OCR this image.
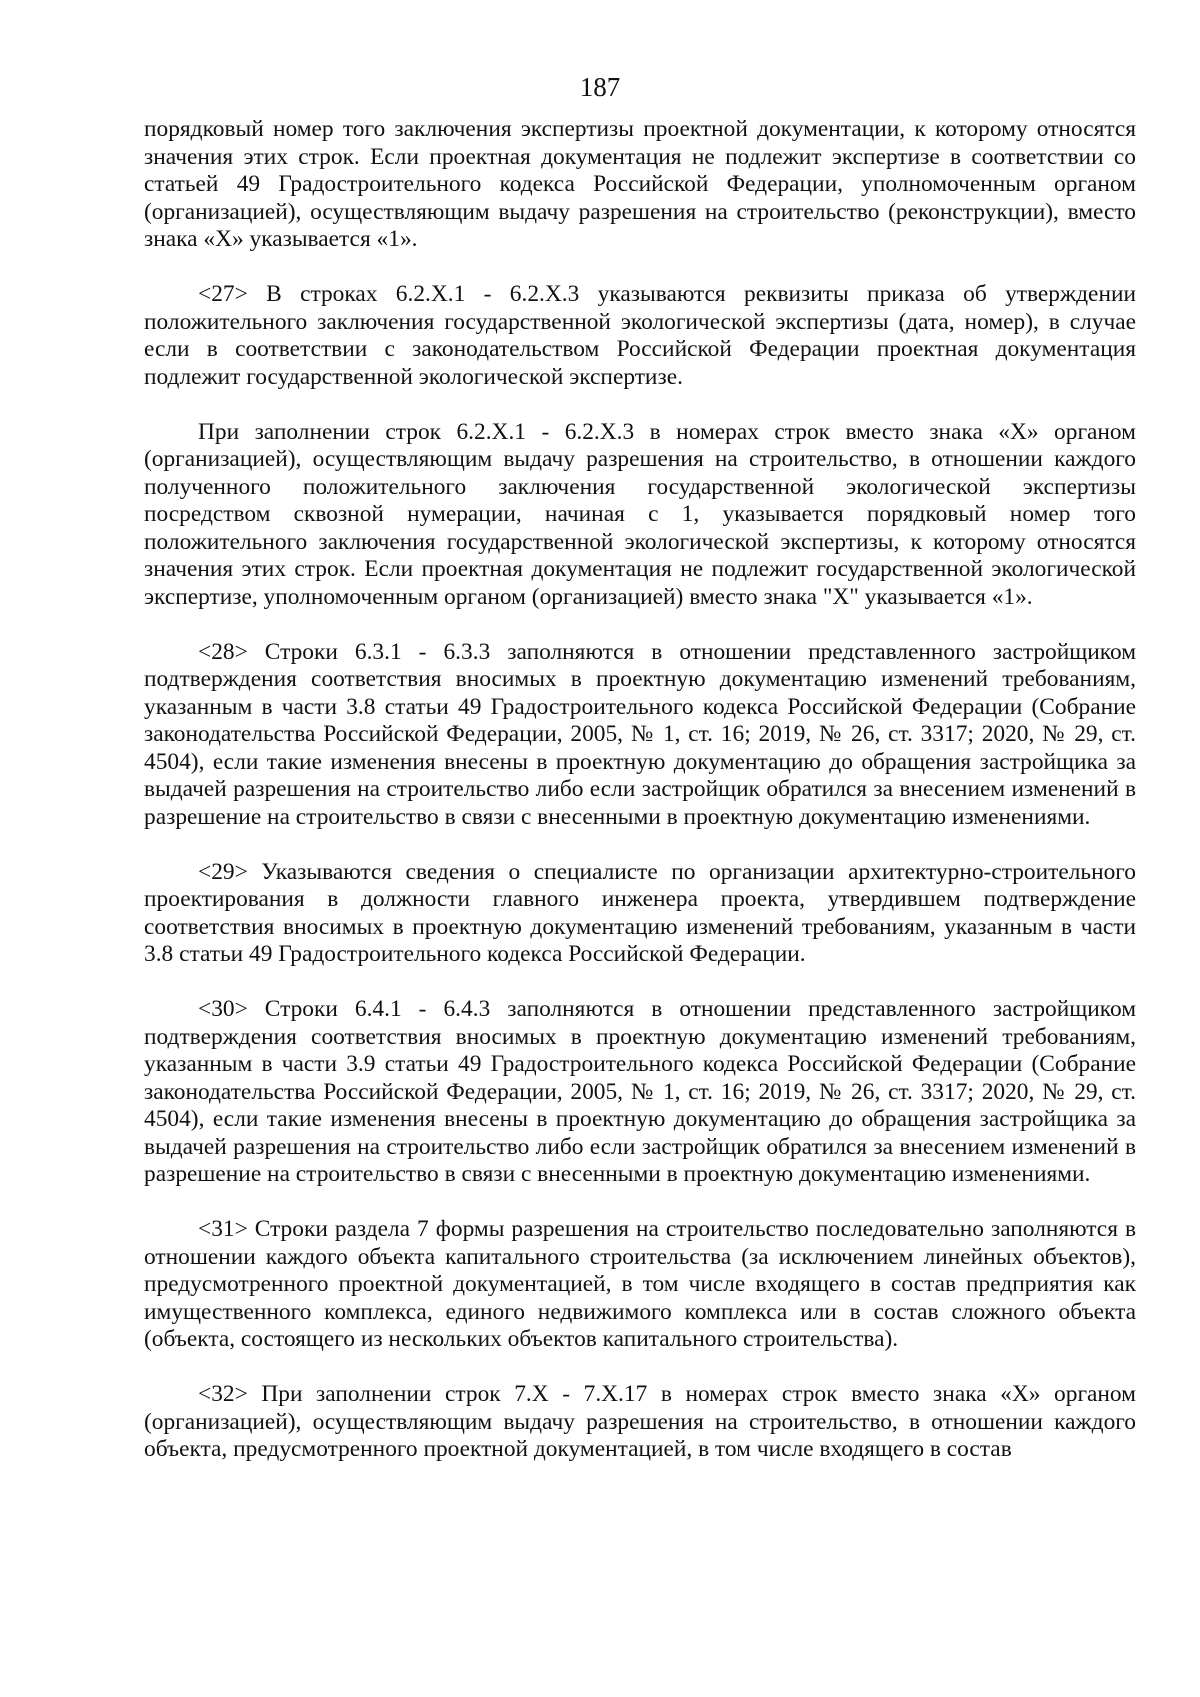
187

порядковый номер того заключения экспертизы проектной документации, к которому относятся значения этих строк. Если проектная документация не подлежит экспертизе в соответствии со статьей 49 Градостроительного кодекса Российской Федерации, уполномоченным органом (организацией), осуществляющим выдачу разрешения на строительство (реконструкции), вместо знака «Х» указывается «1».

<27> В строках 6.2.Х.1 - 6.2.Х.3 указываются реквизиты приказа об утверждении положительного заключения государственной экологической экспертизы (дата, номер), в случае если в соответствии с законодательством Российской Федерации проектная документация подлежит государственной экологической экспертизе.

При заполнении строк 6.2.Х.1 - 6.2.Х.3 в номерах строк вместо знака «Х» органом (организацией), осуществляющим выдачу разрешения на строительство, в отношении каждого полученного положительного заключения государственной экологической экспертизы посредством сквозной нумерации, начиная с 1, указывается порядковый номер того положительного заключения государственной экологической экспертизы, к которому относятся значения этих строк. Если проектная документация не подлежит государственной экологической экспертизе, уполномоченным органом (организацией) вместо знака "Х" указывается «1».

<28> Строки 6.3.1 - 6.3.3 заполняются в отношении представленного застройщиком подтверждения соответствия вносимых в проектную документацию изменений требованиям, указанным в части 3.8 статьи 49 Градостроительного кодекса Российской Федерации (Собрание законодательства Российской Федерации, 2005, № 1, ст. 16; 2019, № 26, ст. 3317; 2020, № 29, ст. 4504), если такие изменения внесены в проектную документацию до обращения застройщика за выдачей разрешения на строительство либо если застройщик обратился за внесением изменений в разрешение на строительство в связи с внесенными в проектную документацию изменениями.

<29> Указываются сведения о специалисте по организации архитектурно-строительного проектирования в должности главного инженера проекта, утвердившем подтверждение соответствия вносимых в проектную документацию изменений требованиям, указанным в части 3.8 статьи 49 Градостроительного кодекса Российской Федерации.

<30> Строки 6.4.1 - 6.4.3 заполняются в отношении представленного застройщиком подтверждения соответствия вносимых в проектную документацию изменений требованиям, указанным в части 3.9 статьи 49 Градостроительного кодекса Российской Федерации (Собрание законодательства Российской Федерации, 2005, № 1, ст. 16; 2019, № 26, ст. 3317; 2020, № 29, ст. 4504), если такие изменения внесены в проектную документацию до обращения застройщика за выдачей разрешения на строительство либо если застройщик обратился за внесением изменений в разрешение на строительство в связи с внесенными в проектную документацию изменениями.

<31> Строки раздела 7 формы разрешения на строительство последовательно заполняются в отношении каждого объекта капитального строительства (за исключением линейных объектов), предусмотренного проектной документацией, в том числе входящего в состав предприятия как имущественного комплекса, единого недвижимого комплекса или в состав сложного объекта (объекта, состоящего из нескольких объектов капитального строительства).

<32> При заполнении строк 7.Х - 7.Х.17 в номерах строк вместо знака «Х» органом (организацией), осуществляющим выдачу разрешения на строительство, в отношении каждого объекта, предусмотренного проектной документацией, в том числе входящего в состав
